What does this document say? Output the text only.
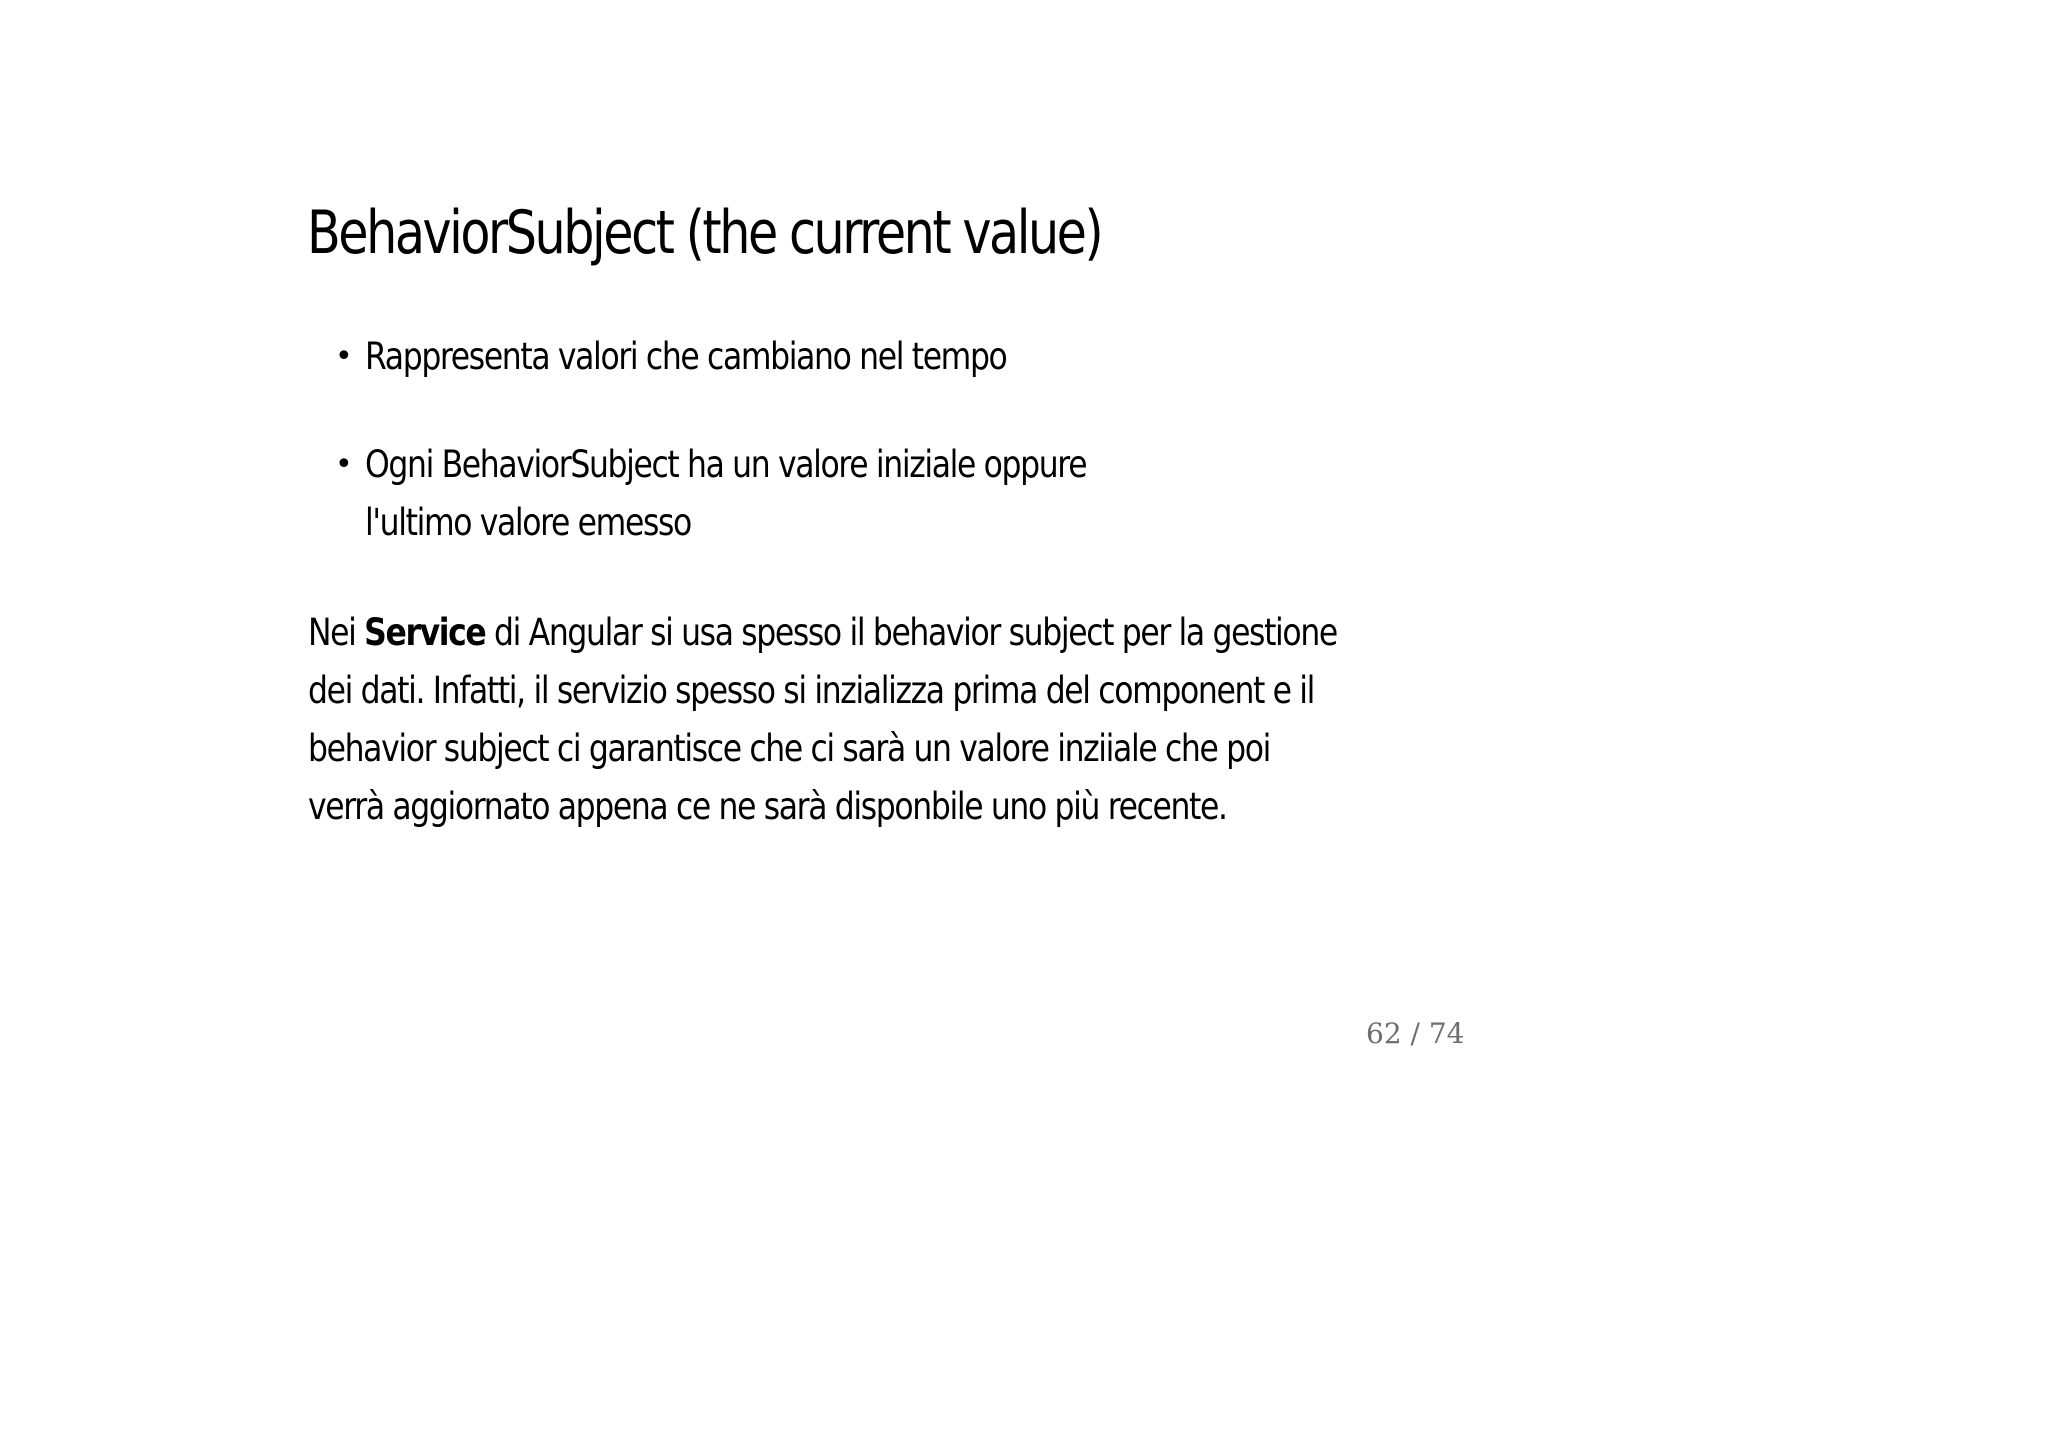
BehaviorSubject (the current value)
• Rappresenta valori che cambiano nel tempo
• Ogni BehaviorSubject ha un valore iniziale oppure l'ultimo valore emesso

Nei Service di Angular si usa spesso il behavior subject per la gestione
dei dati. Infatti, il servizio spesso si inzializza prima del component e il
behavior subject ci garantisce che ci sarà un valore inziiale che poi
verrà aggiornato appena ce ne sarà disponbile uno più recente.

62 / 74
